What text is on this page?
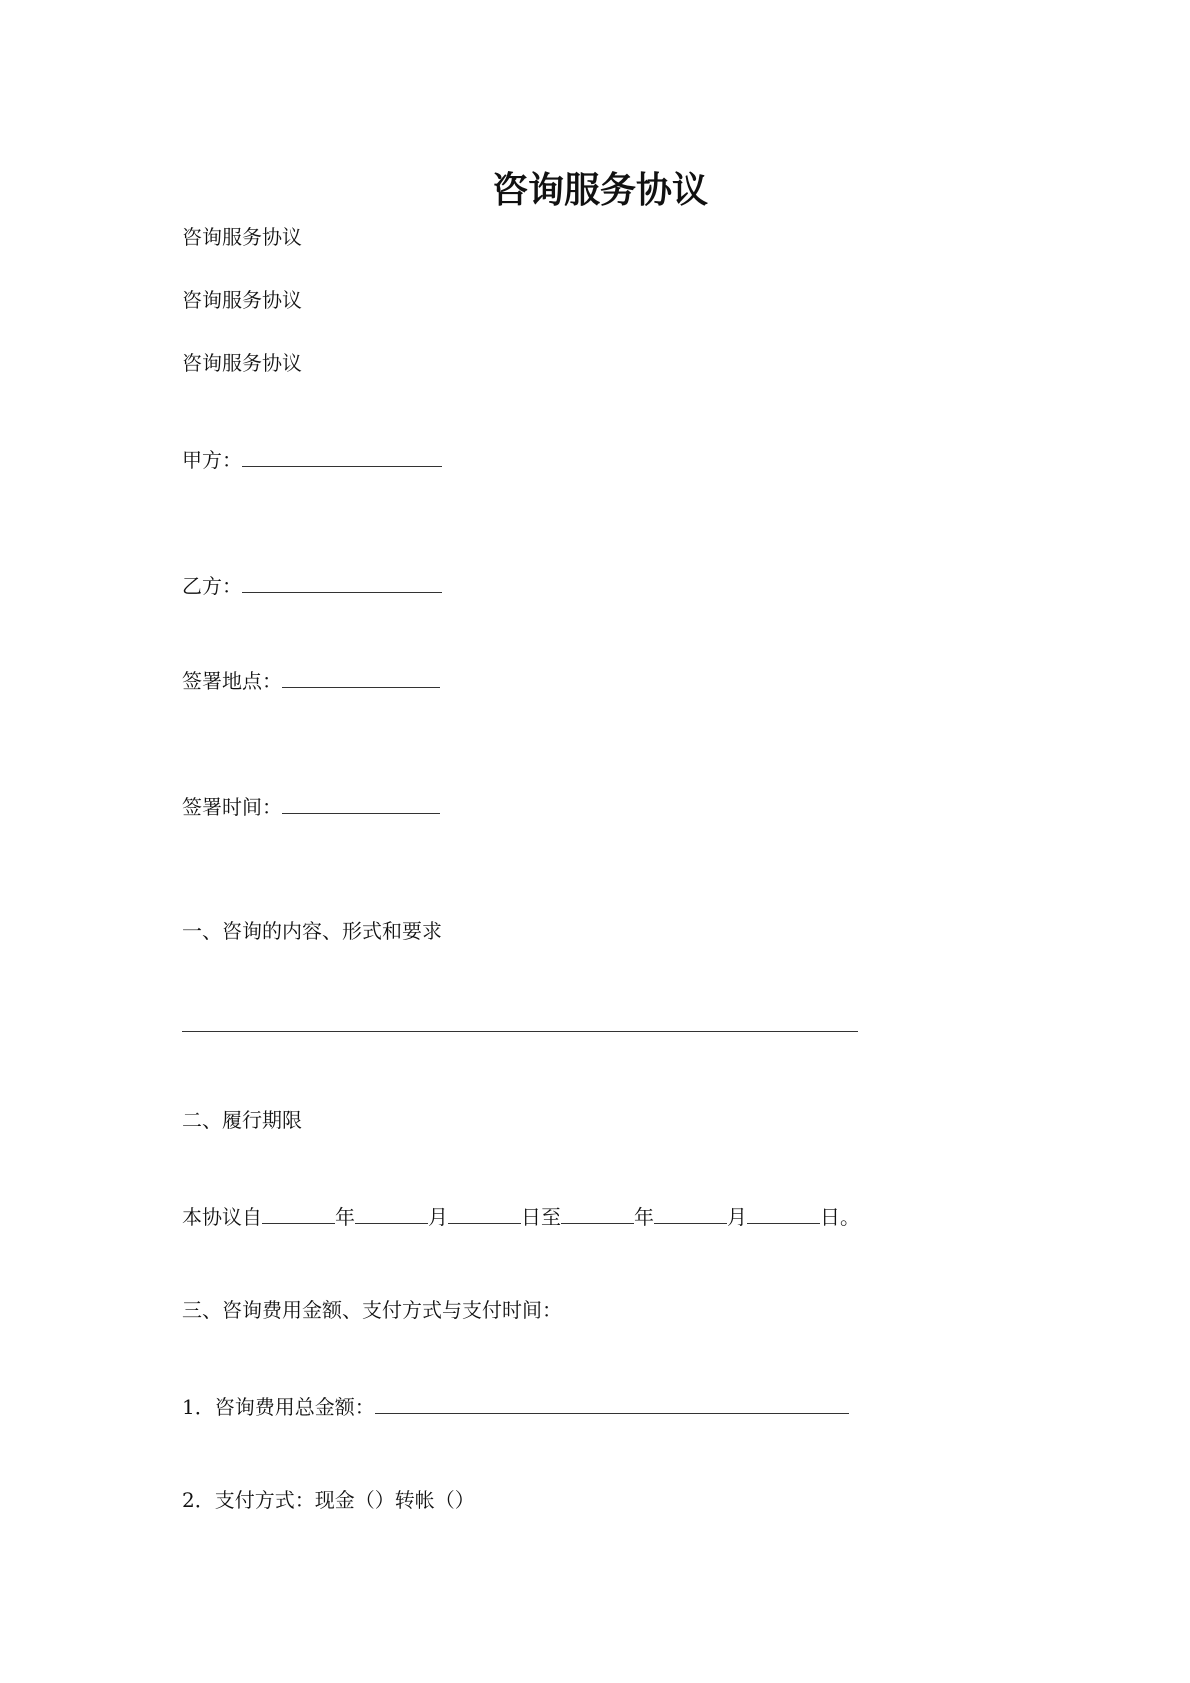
咨询服务协议
咨询服务协议
咨询服务协议
咨询服务协议
甲方：
乙方：
签署地点：
签署时间：
一、咨询的内容、形式和要求
二、履行期限
本协议自	年	月	日至	年	月	日。
三、咨询费用金额、支付方式与支付时间：
1．咨询费用总金额：
2．支付方式：现金（）转帐（）
